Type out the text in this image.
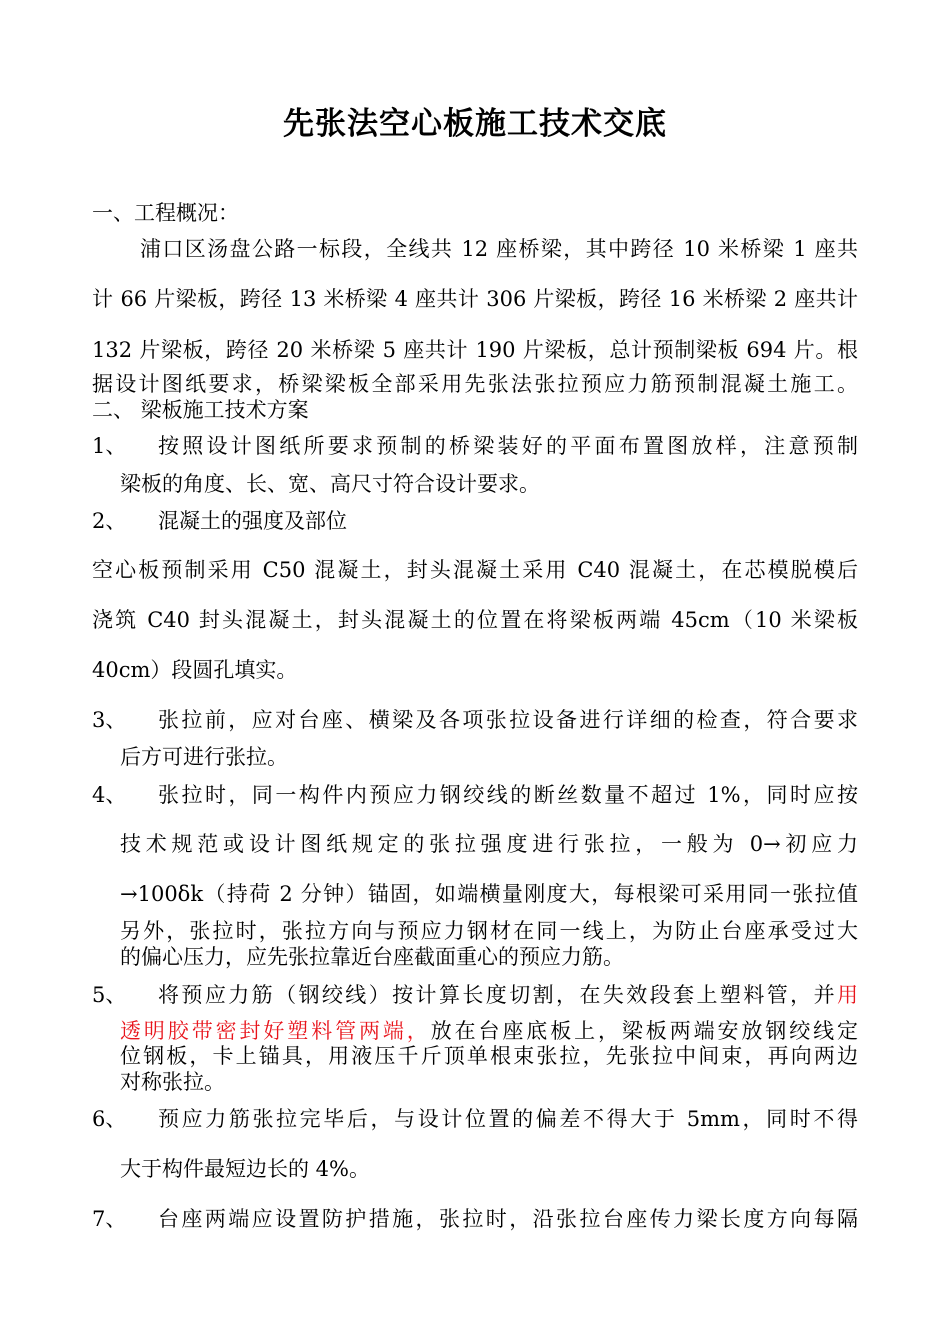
先张法空心板施工技术交底
一、工程概况：
浦口区汤盘公路一标段，全线共 12 座桥梁，其中跨径 10 米桥梁 1 座共
计 66 片梁板，跨径 13 米桥梁 4 座共计 306 片梁板，跨径 16 米桥梁 2 座共计
132 片梁板，跨径 20 米桥梁 5 座共计 190 片梁板，总计预制梁板 694 片。根
据设计图纸要求，桥梁梁板全部采用先张法张拉预应力筋预制混凝土施工。
二、 梁板施工技术方案
1、 按照设计图纸所要求预制的桥梁装好的平面布置图放样，注意预制
梁板的角度、长、宽、高尺寸符合设计要求。
2、 混凝土的强度及部位
空心板预制采用 C50 混凝土，封头混凝土采用 C40 混凝土，在芯模脱模后
浇筑 C40 封头混凝土，封头混凝土的位置在将梁板两端 45cm（10 米梁板
40cm）段圆孔填实。
3、 张拉前，应对台座、横梁及各项张拉设备进行详细的检查，符合要求
后方可进行张拉。
4、 张拉时，同一构件内预应力钢绞线的断丝数量不超过 1%，同时应按
技术规范或设计图纸规定的张拉强度进行张拉，一般为 0→初应力
→100δk（持荷 2 分钟）锚固，如端横量刚度大，每根梁可采用同一张拉值
另外，张拉时，张拉方向与预应力钢材在同一线上，为防止台座承受过大
的偏心压力，应先张拉靠近台座截面重心的预应力筋。
5、 将预应力筋（钢绞线）按计算长度切割，在失效段套上塑料管，并用
透明胶带密封好塑料管两端，放在台座底板上，梁板两端安放钢绞线定
位钢板，卡上锚具，用液压千斤顶单根束张拉，先张拉中间束，再向两边
对称张拉。
6、 预应力筋张拉完毕后，与设计位置的偏差不得大于 5mm，同时不得
大于构件最短边长的 4%。
7、 台座两端应设置防护措施，张拉时，沿张拉台座传力梁长度方向每隔
